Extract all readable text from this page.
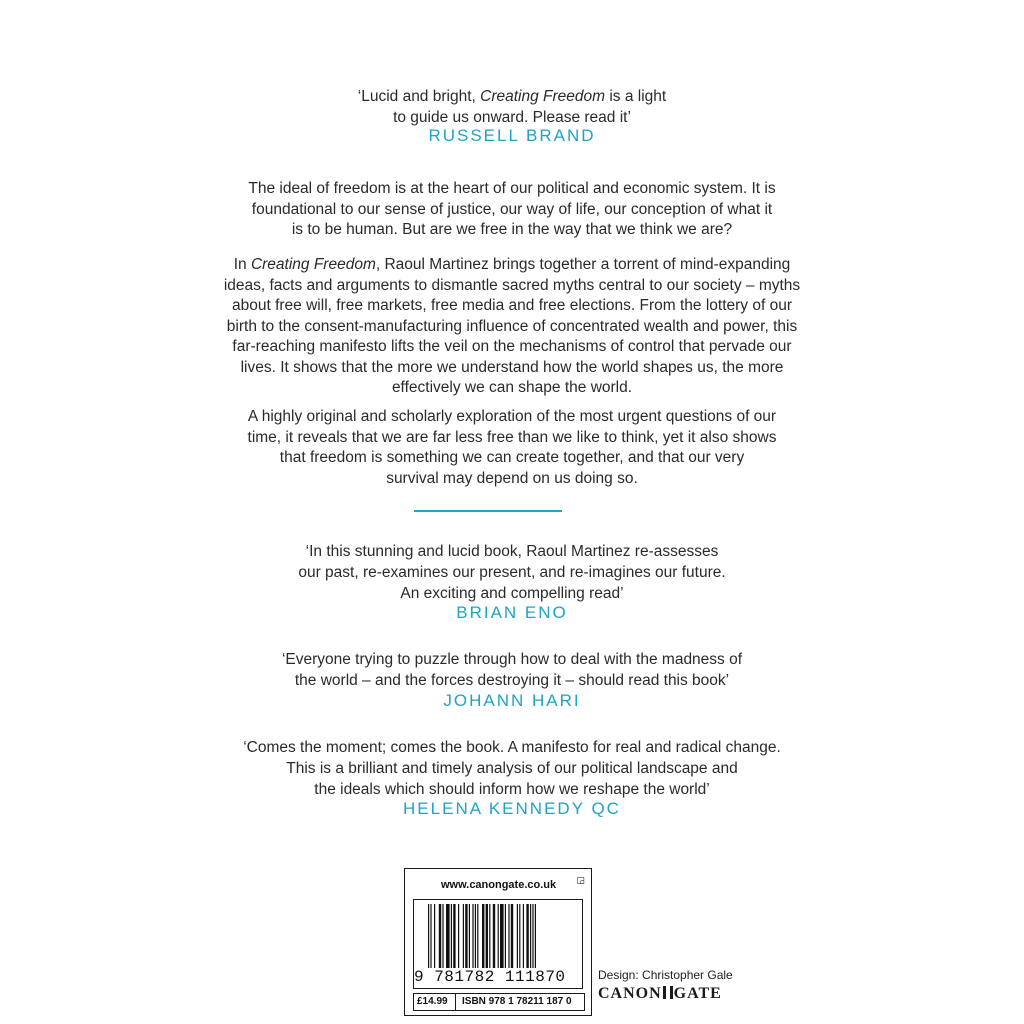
‘Lucid and bright, Creating Freedom is a light
to guide us onward. Please read it’
RUSSELL BRAND
The ideal of freedom is at the heart of our political and economic system. It is
foundational to our sense of justice, our way of life, our conception of what it
is to be human. But are we free in the way that we think we are?
In Creating Freedom, Raoul Martinez brings together a torrent of mind-expanding
ideas, facts and arguments to dismantle sacred myths central to our society – myths
about free will, free markets, free media and free elections. From the lottery of our
birth to the consent-manufacturing influence of concentrated wealth and power, this
far-reaching manifesto lifts the veil on the mechanisms of control that pervade our
lives. It shows that the more we understand how the world shapes us, the more
effectively we can shape the world.
A highly original and scholarly exploration of the most urgent questions of our
time, it reveals that we are far less free than we like to think, yet it also shows
that freedom is something we can create together, and that our very
survival may depend on us doing so.
‘In this stunning and lucid book, Raoul Martinez re-assesses
our past, re-examines our present, and re-imagines our future.
An exciting and compelling read’
BRIAN ENO
‘Everyone trying to puzzle through how to deal with the madness of
the world – and the forces destroying it – should read this book’
JOHANN HARI
‘Comes the moment; comes the book. A manifesto for real and radical change.
This is a brilliant and timely analysis of our political landscape and
the ideals which should inform how we reshape the world’
HELENA KENNEDY QC
www.canongate.co.uk ◲
9 781782 111870
£14.99	ISBN 978 1 78211 187 0
Design: Christopher Gale
CANON GATE
